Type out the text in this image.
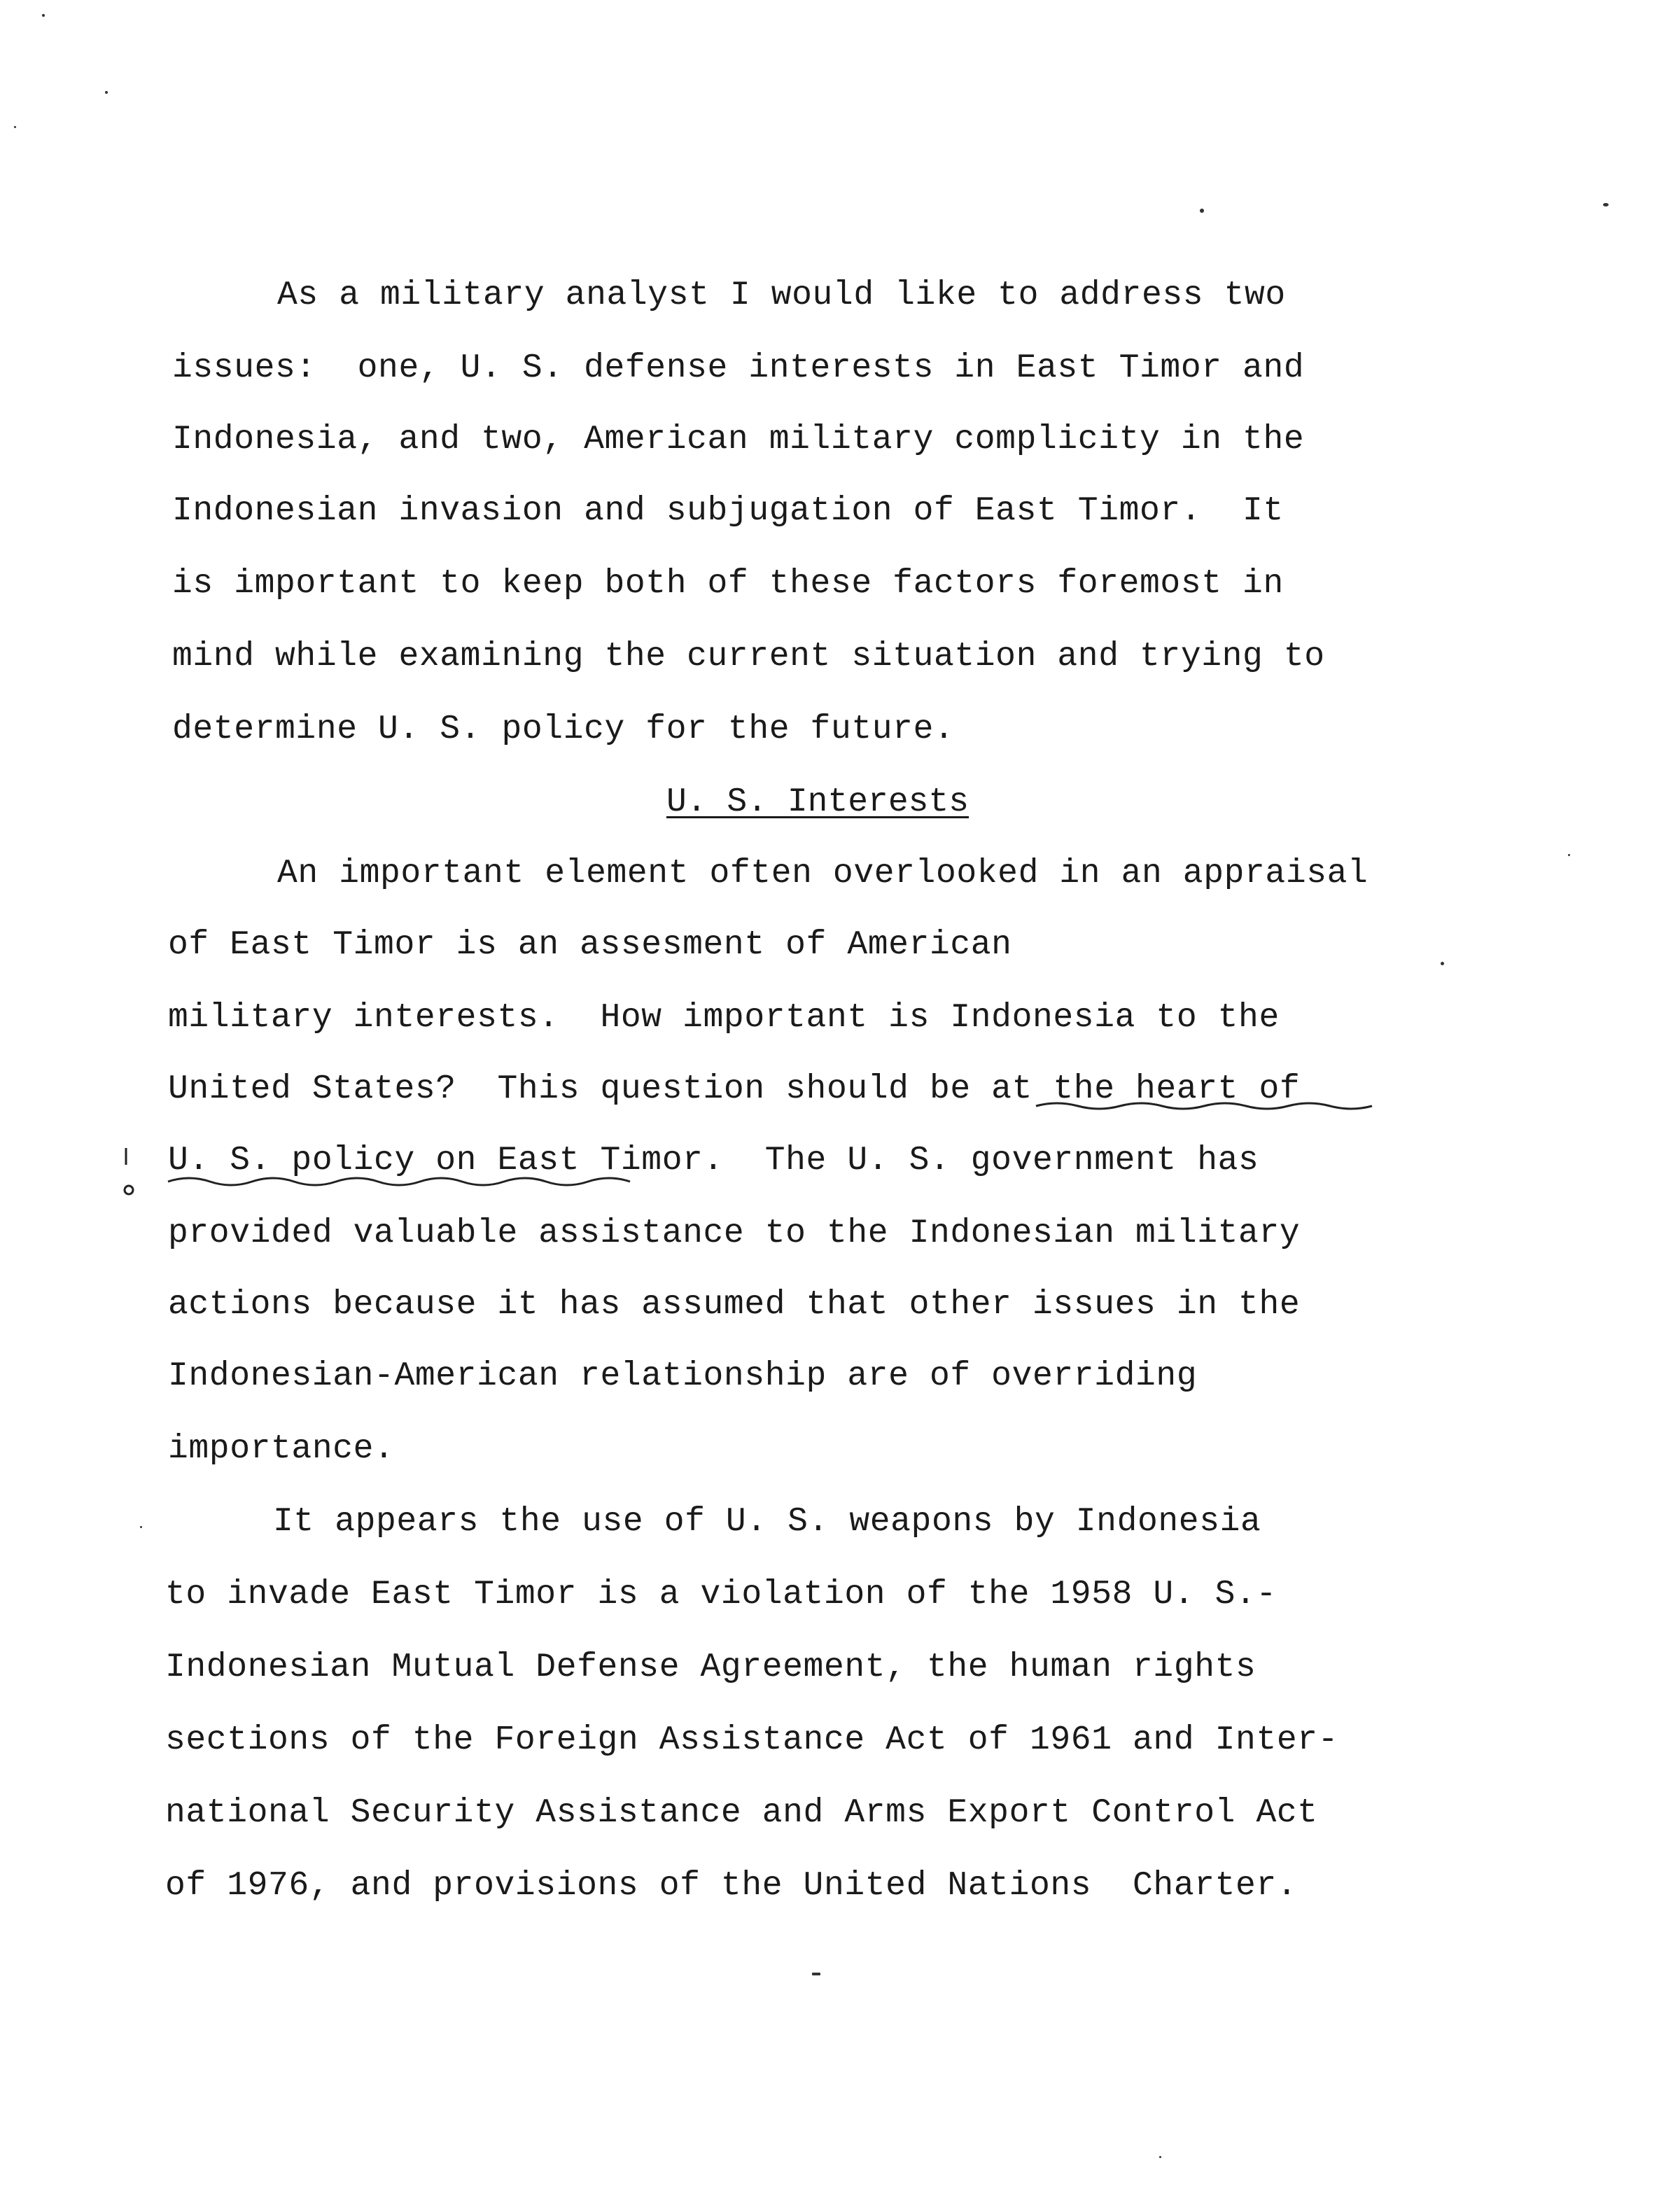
As a military analyst I would like to address two
issues:  one, U. S. defense interests in East Timor and
Indonesia, and two, American military complicity in the
Indonesian invasion and subjugation of East Timor.  It
is important to keep both of these factors foremost in
mind while examining the current situation and trying to
determine U. S. policy for the future.
U. S. Interests
An important element often overlooked in an appraisal
of East Timor is an assesment of American
military interests.  How important is Indonesia to the
United States?  This question should be at the heart of
U. S. policy on East Timor.  The U. S. government has
provided valuable assistance to the Indonesian military
actions because it has assumed that other issues in the
Indonesian-American relationship are of overriding
importance.
It appears the use of U. S. weapons by Indonesia
to invade East Timor is a violation of the 1958 U. S.-
Indonesian Mutual Defense Agreement, the human rights
sections of the Foreign Assistance Act of 1961 and Inter-
national Security Assistance and Arms Export Control Act
of 1976, and provisions of the United Nations  Charter.
